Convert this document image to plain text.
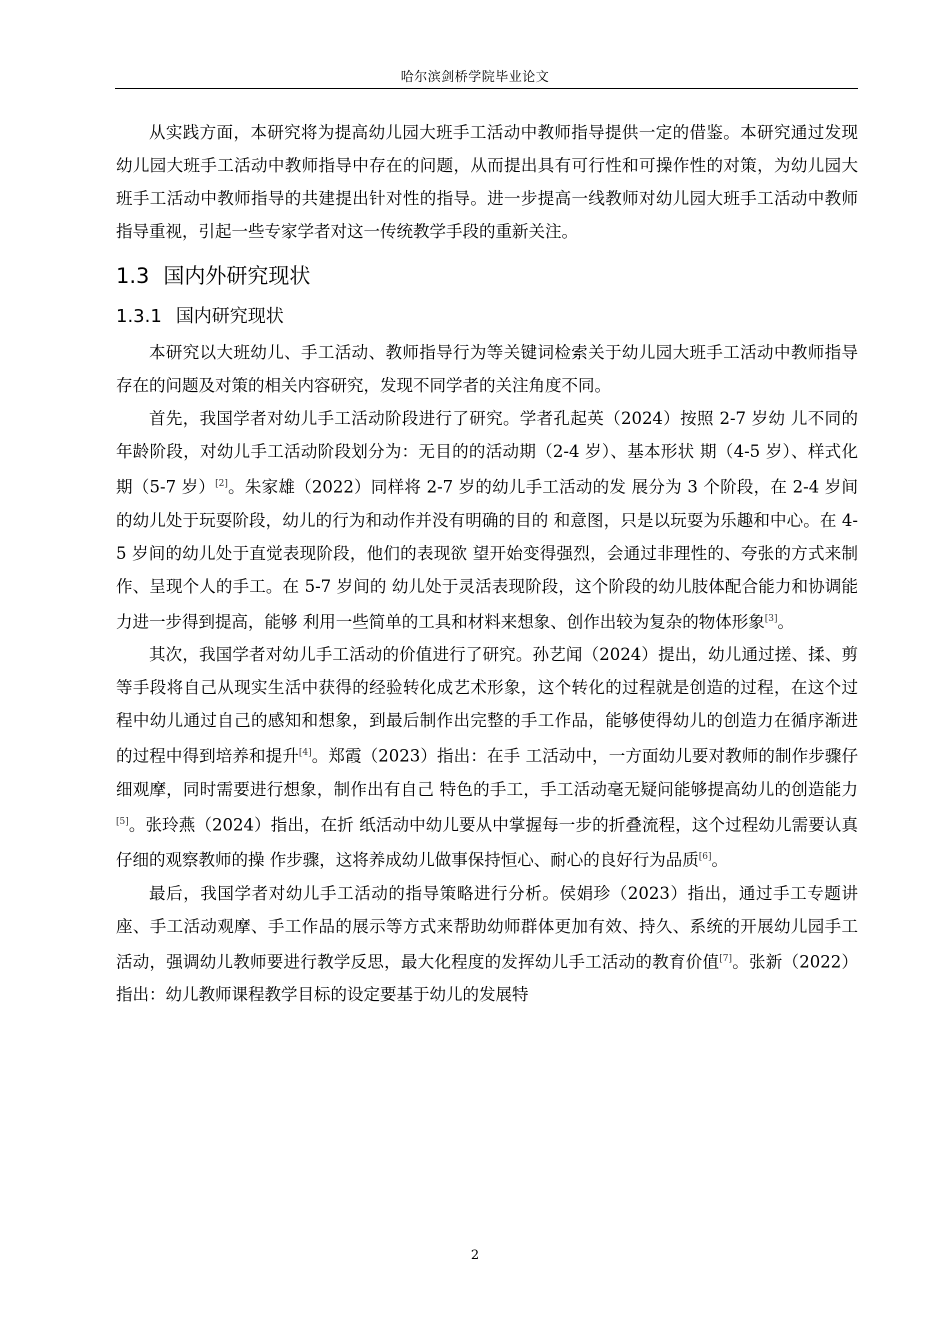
哈尔滨剑桥学院毕业论文

从实践方面，本研究将为提高幼儿园大班手工活动中教师指导提供一定的借鉴。本研究通过发现幼儿园大班手工活动中教师指导中存在的问题，从而提出具有可行性和可操作性的对策，为幼儿园大班手工活动中教师指导的共建提出针对性的指导。进一步提高一线教师对幼儿园大班手工活动中教师指导重视，引起一些专家学者对这一传统教学手段的重新关注。

1.3 国内外研究现状
1.3.1 国内研究现状

本研究以大班幼儿、手工活动、教师指导行为等关键词检索关于幼儿园大班手工活动中教师指导存在的问题及对策的相关内容研究，发现不同学者的关注角度不同。

首先，我国学者对幼儿手工活动阶段进行了研究。学者孔起英（2024）按照 2-7 岁幼 儿不同的年龄阶段，对幼儿手工活动阶段划分为：无目的的活动期（2-4 岁）、基本形状 期（4-5 岁）、样式化期（5-7 岁）[2]。朱家雄（2022）同样将 2-7 岁的幼儿手工活动的发 展分为 3 个阶段，在 2-4 岁间的幼儿处于玩耍阶段，幼儿的行为和动作并没有明确的目的 和意图，只是以玩耍为乐趣和中心。在 4-5 岁间的幼儿处于直觉表现阶段，他们的表现欲 望开始变得强烈，会通过非理性的、夸张的方式来制作、呈现个人的手工。在 5-7 岁间的 幼儿处于灵活表现阶段，这个阶段的幼儿肢体配合能力和协调能力进一步得到提高，能够 利用一些简单的工具和材料来想象、创作出较为复杂的物体形象[3]。

其次，我国学者对幼儿手工活动的价值进行了研究。孙艺闻（2024）提出，幼儿通过搓、揉、剪等手段将自己从现实生活中获得的经验转化成艺术形象，这个转化的过程就是创造的过程，在这个过程中幼儿通过自己的感知和想象，到最后制作出完整的手工作品，能够使得幼儿的创造力在循序渐进的过程中得到培养和提升[4]。郑霞（2023）指出：在手 工活动中，一方面幼儿要对教师的制作步骤仔细观摩，同时需要进行想象，制作出有自己 特色的手工，手工活动毫无疑问能够提高幼儿的创造能力[5]。张玲燕（2024）指出，在折 纸活动中幼儿要从中掌握每一步的折叠流程，这个过程幼儿需要认真仔细的观察教师的操 作步骤，这将养成幼儿做事保持恒心、耐心的良好行为品质[6]。

最后，我国学者对幼儿手工活动的指导策略进行分析。侯娟珍（2023）指出，通过手工专题讲座、手工活动观摩、手工作品的展示等方式来帮助幼师群体更加有效、持久、系统的开展幼儿园手工活动，强调幼儿教师要进行教学反思，最大化程度的发挥幼儿手工活动的教育价值[7]。张新（2022）指出：幼儿教师课程教学目标的设定要基于幼儿的发展特

2
